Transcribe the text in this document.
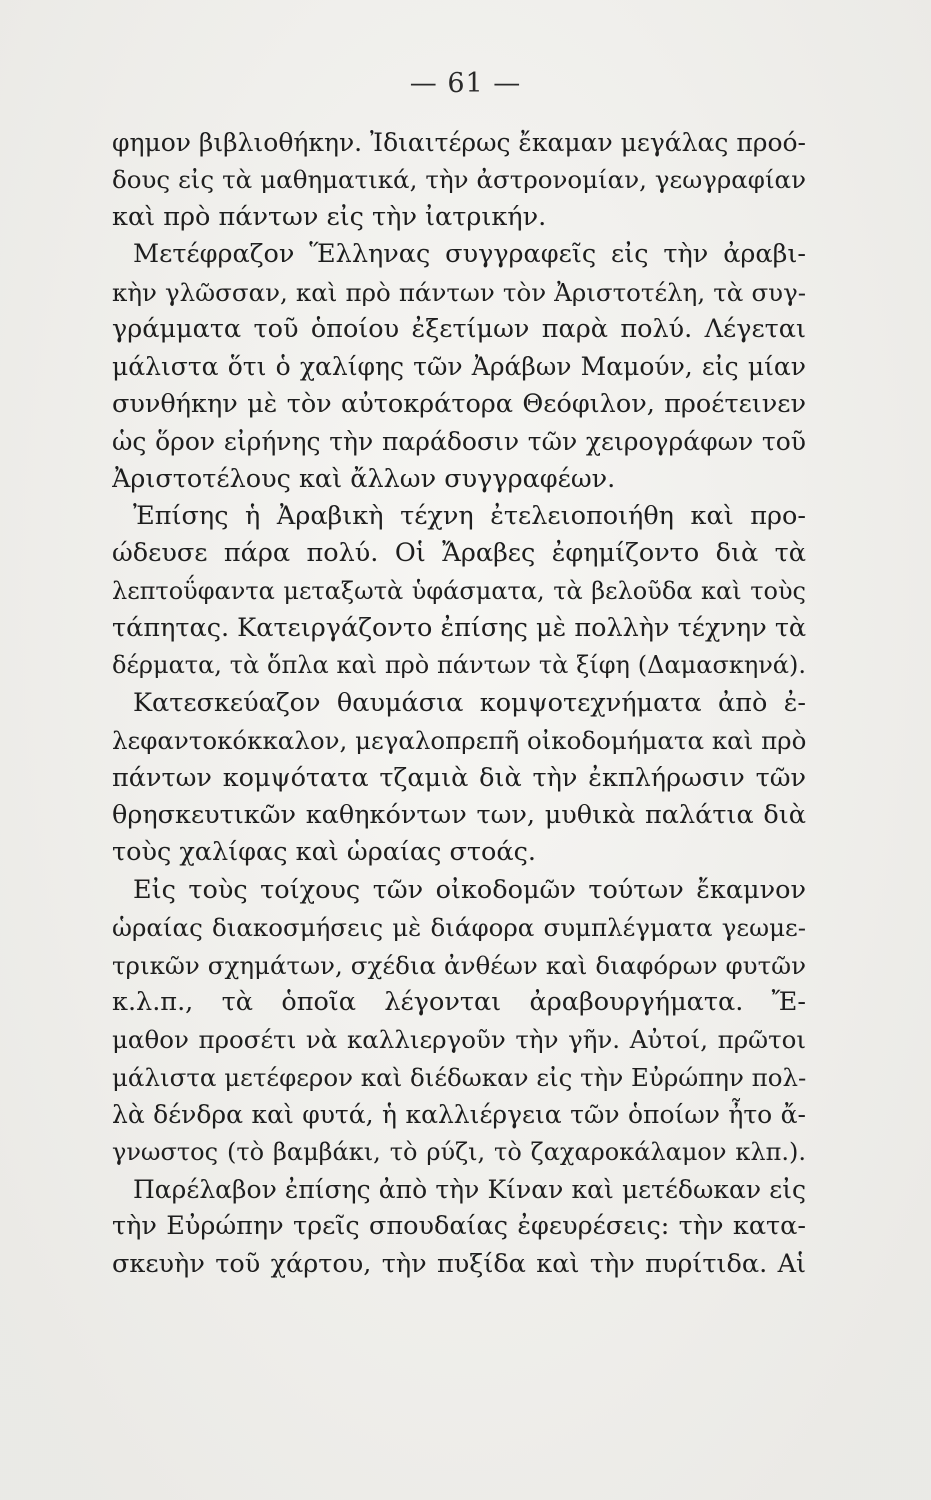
— 61 —
φημον βιβλιοθήκην. Ἰδιαιτέρως ἔκαμαν μεγάλας προό-
δους εἰς τὰ μαθηματικά, τὴν ἀστρονομίαν, γεωγραφίαν
καὶ πρὸ πάντων εἰς τὴν ἰατρικήν.
Μετέφραζον Ἕλληνας συγγραφεῖς εἰς τὴν ἀραβι-
κὴν γλῶσσαν, καὶ πρὸ πάντων τὸν Ἀριστοτέλη, τὰ συγ-
γράμματα τοῦ ὁποίου ἐξετίμων παρὰ πολύ. Λέγεται
μάλιστα ὅτι ὁ χαλίφης τῶν Ἀράβων Μαμούν, εἰς μίαν
συνθήκην μὲ τὸν αὐτοκράτορα Θεόφιλον, προέτεινεν
ὡς ὅρον εἰρήνης τὴν παράδοσιν τῶν χειρογράφων τοῦ
Ἀριστοτέλους καὶ ἄλλων συγγραφέων.
Ἐπίσης ἡ Ἀραβικὴ τέχνη ἐτελειοποιήθη καὶ προ-
ώδευσε πάρα πολύ. Οἱ Ἄραβες ἐφημίζοντο διὰ τὰ
λεπτοΰφαντα μεταξωτὰ ὑφάσματα, τὰ βελοῦδα καὶ τοὺς
τάπητας. Κατειργάζοντο ἐπίσης μὲ πολλὴν τέχνην τὰ
δέρματα, τὰ ὅπλα καὶ πρὸ πάντων τὰ ξίφη (Δαμασκηνά).
Κατεσκεύαζον θαυμάσια κομψοτεχνήματα ἀπὸ ἐ-
λεφαντοκόκκαλον, μεγαλοπρεπῆ οἰκοδομήματα καὶ πρὸ
πάντων κομψότατα τζαμιὰ διὰ τὴν ἐκπλήρωσιν τῶν
θρησκευτικῶν καθηκόντων των, μυθικὰ παλάτια διὰ
τοὺς χαλίφας καὶ ὡραίας στοάς.
Εἰς τοὺς τοίχους τῶν οἰκοδομῶν τούτων ἔκαμνον
ὡραίας διακοσμήσεις μὲ διάφορα συμπλέγματα γεωμε-
τρικῶν σχημάτων, σχέδια ἀνθέων καὶ διαφόρων φυτῶν
κ.λ.π., τὰ ὁποῖα λέγονται ἀραβουργήματα. Ἔ-
μαθον προσέτι νὰ καλλιεργοῦν τὴν γῆν. Αὐτοί, πρῶτοι
μάλιστα μετέφερον καὶ διέδωκαν εἰς τὴν Εὐρώπην πολ-
λὰ δένδρα καὶ φυτά, ἡ καλλιέργεια τῶν ὁποίων ἦτο ἄ-
γνωστος (τὸ βαμβάκι, τὸ ρύζι, τὸ ζαχαροκάλαμον κλπ.).
Παρέλαβον ἐπίσης ἀπὸ τὴν Κίναν καὶ μετέδωκαν εἰς
τὴν Εὐρώπην τρεῖς σπουδαίας ἐφευρέσεις: τὴν κατα-
σκευὴν τοῦ χάρτου, τὴν πυξίδα καὶ τὴν πυρίτιδα. Αἱ
